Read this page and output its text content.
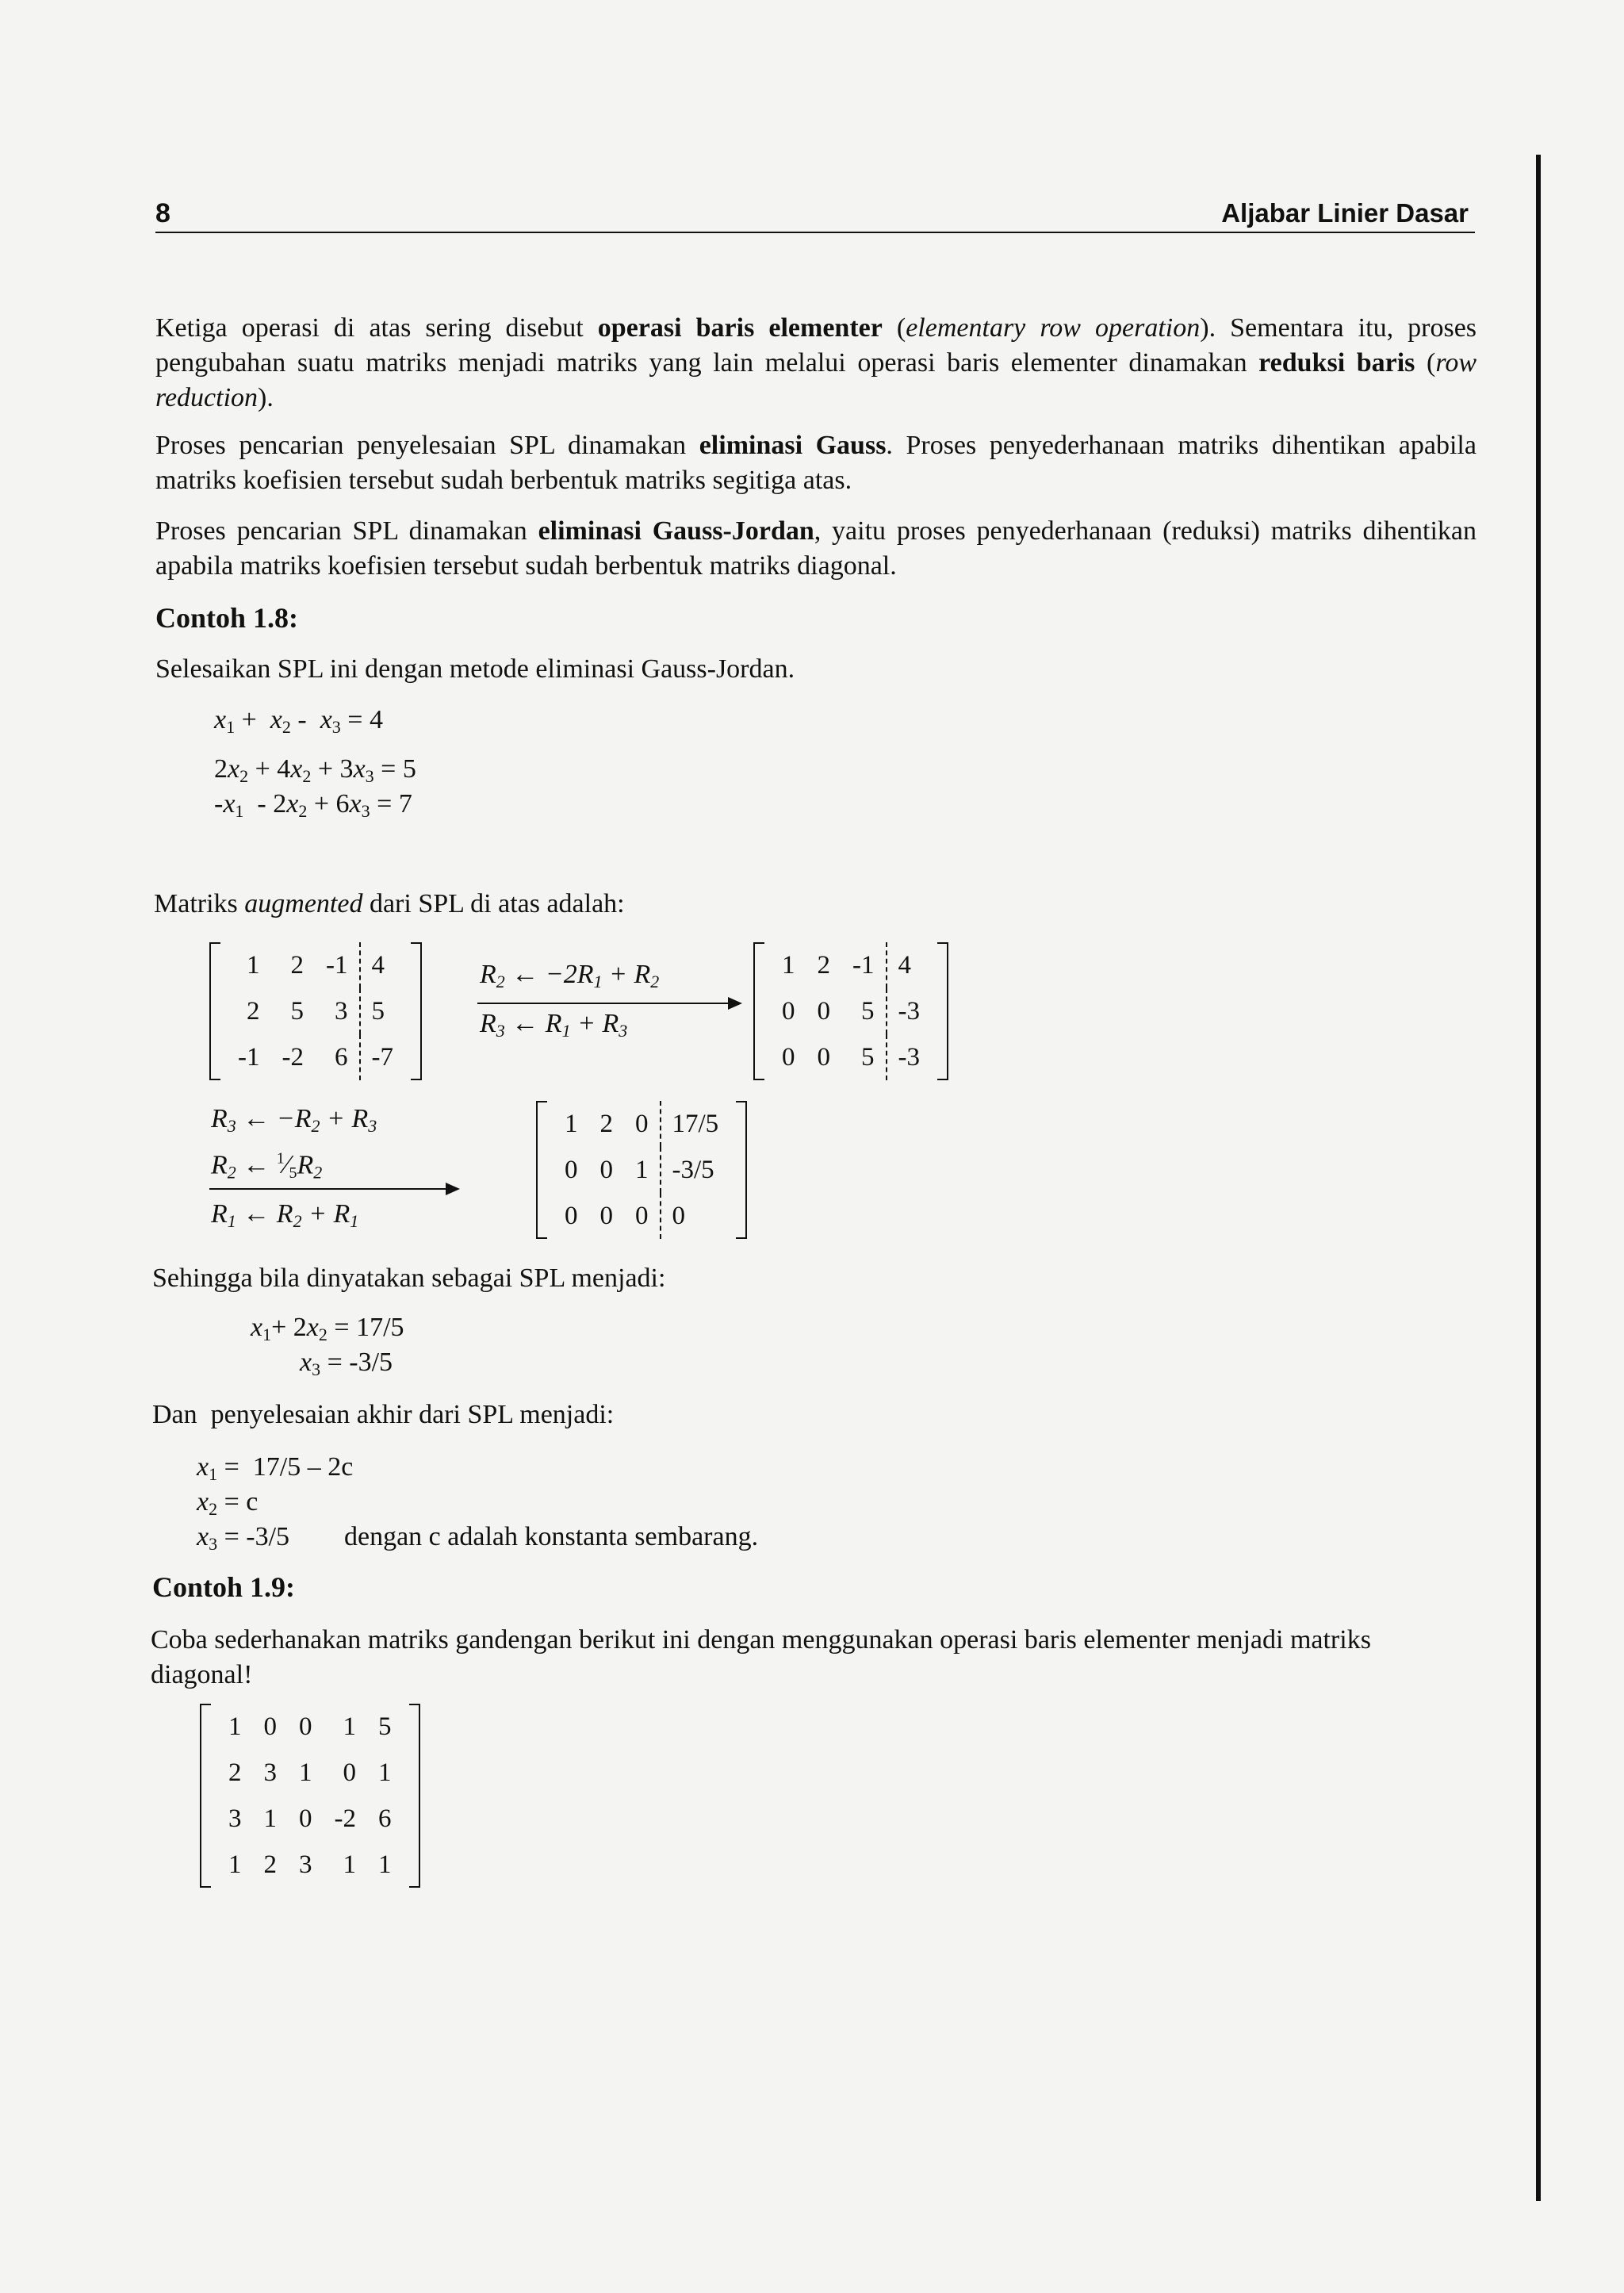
8	Aljabar Linier Dasar
Ketiga operasi di atas sering disebut operasi baris elementer (elementary row operation). Sementara itu, proses pengubahan suatu matriks menjadi matriks yang lain melalui operasi baris elementer dinamakan reduksi baris (row reduction).
Proses pencarian penyelesaian SPL dinamakan eliminasi Gauss. Proses penyederhanaan matriks dihentikan apabila matriks koefisien tersebut sudah berbentuk matriks segitiga atas.
Proses pencarian SPL dinamakan eliminasi Gauss-Jordan, yaitu proses penyederhanaan (reduksi) matriks dihentikan apabila matriks koefisien tersebut sudah berbentuk matriks diagonal.
Contoh 1.8:
Selesaikan SPL ini dengan metode eliminasi Gauss-Jordan.
$x_1 + x_2 - x_3 = 4$
$2x_2 + 4x_2 + 3x_3 = 5$
$-x_1 - 2x_2 + 6x_3 = 7$
Matriks augmented dari SPL di atas adalah:
1	2	-1		4
2	5	3		5
-1	-2	6		-7
$R_2$ ← $-2R_1 + R_2$
$R_3$ ← $R_1 + R_3$
1	2	-1		4
0	0	5		-3
0	0	5		-3
$R_3$ ← $-R_2 + R_3$
$R_2$ ← $^1⁄_5R_2$
$R_1$ ← $R_2 + R_1$
1	2	0		17/5
0	0	1		-3/5
0	0	0		0
Sehingga bila dinyatakan sebagai SPL menjadi:
$x_1+ 2x_2 = 17/5$
$x_3 = -3/5$
Dan  penyelesaian akhir dari SPL menjadi:
$x_1 = 17/5 - 2c$
$x_2 = c$
$x_3 = -3/5$ dengan c adalah konstanta sembarang.
Contoh 1.9:
Coba sederhanakan matriks gandengan berikut ini dengan menggunakan operasi baris elementer menjadi matriks diagonal!
1	0	0	1	5
2	3	1	0	1
3	1	0	-2	6
1	2	3	1	1
